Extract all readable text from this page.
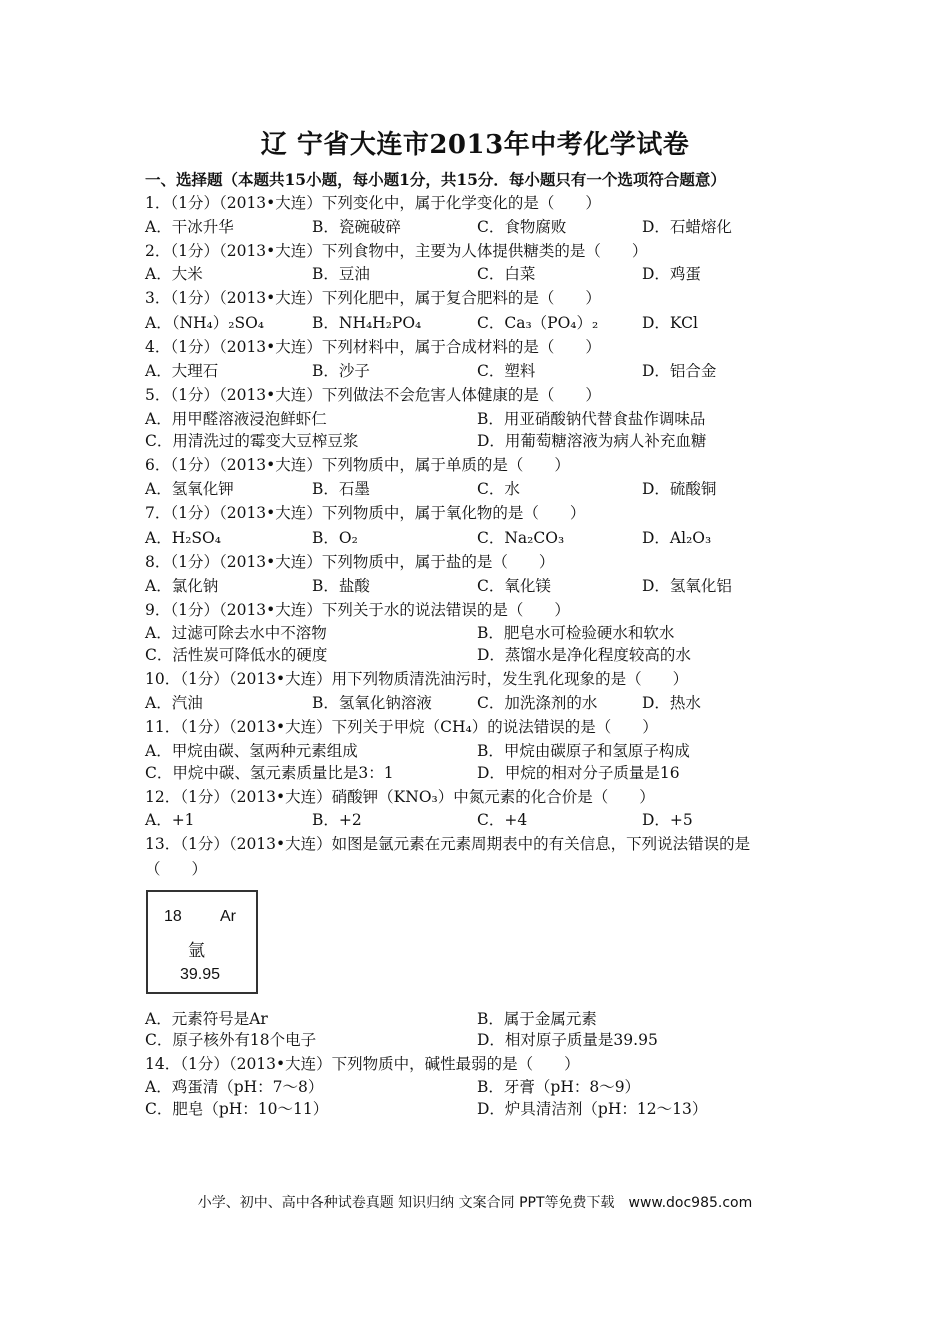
辽 宁省大连市2013年中考化学试卷
一、选择题（本题共15小题，每小题1分，共15分．每小题只有一个选项符合题意）
1．（1分）（2013•大连）下列变化中，属于化学变化的是（　　）
A．干冰升华	B．瓷碗破碎	C．食物腐败	D．石蜡熔化
2．（1分）（2013•大连）下列食物中，主要为人体提供糖类的是（　　）
A．大米	B．豆油	C．白菜	D．鸡蛋
3．（1分）（2013•大连）下列化肥中，属于复合肥料的是（　　）
A．（NH₄）₂SO₄	B．NH₄H₂PO₄	C．Ca₃（PO₄）₂	D．KCl
4．（1分）（2013•大连）下列材料中，属于合成材料的是（　　）
A．大理石	B．沙子	C．塑料	D．铝合金
5．（1分）（2013•大连）下列做法不会危害人体健康的是（　　）
A．用甲醛溶液浸泡鲜虾仁	B．用亚硝酸钠代替食盐作调味品
C．用清洗过的霉变大豆榨豆浆	D．用葡萄糖溶液为病人补充血糖
6．（1分）（2013•大连）下列物质中，属于单质的是（　　）
A．氢氧化钾	B．石墨	C．水	D．硫酸铜
7．（1分）（2013•大连）下列物质中，属于氧化物的是（　　）
A．H₂SO₄	B．O₂	C．Na₂CO₃	D．Al₂O₃
8．（1分）（2013•大连）下列物质中，属于盐的是（　　）
A．氯化钠	B．盐酸	C．氧化镁	D．氢氧化铝
9．（1分）（2013•大连）下列关于水的说法错误的是（　　）
A．过滤可除去水中不溶物	B．肥皂水可检验硬水和软水
C．活性炭可降低水的硬度	D．蒸馏水是净化程度较高的水
10．（1分）（2013•大连）用下列物质清洗油污时，发生乳化现象的是（　　）
A．汽油	B．氢氧化钠溶液	C．加洗涤剂的水	D．热水
11．（1分）（2013•大连）下列关于甲烷（CH₄）的说法错误的是（　　）
A．甲烷由碳、氢两种元素组成	B．甲烷由碳原子和氢原子构成
C．甲烷中碳、氢元素质量比是3：1	D．甲烷的相对分子质量是16
12．（1分）（2013•大连）硝酸钾（KNO₃）中氮元素的化合价是（　　）
A．+1	B．+2	C．+4	D．+5
13．（1分）（2013•大连）如图是氩元素在元素周期表中的有关信息，下列说法错误的是
（　　）
18 Ar
氩
39.95
A．元素符号是Ar	B．属于金属元素
C．原子核外有18个电子	D．相对原子质量是39.95
14．（1分）（2013•大连）下列物质中，碱性最弱的是（　　）
A．鸡蛋清（pH：7～8）	B．牙膏（pH：8～9）
C．肥皂（pH：10～11）	D．炉具清洁剂（pH：12～13）
小学、初中、高中各种试卷真题 知识归纳 文案合同 PPT等免费下载　www.doc985.com
